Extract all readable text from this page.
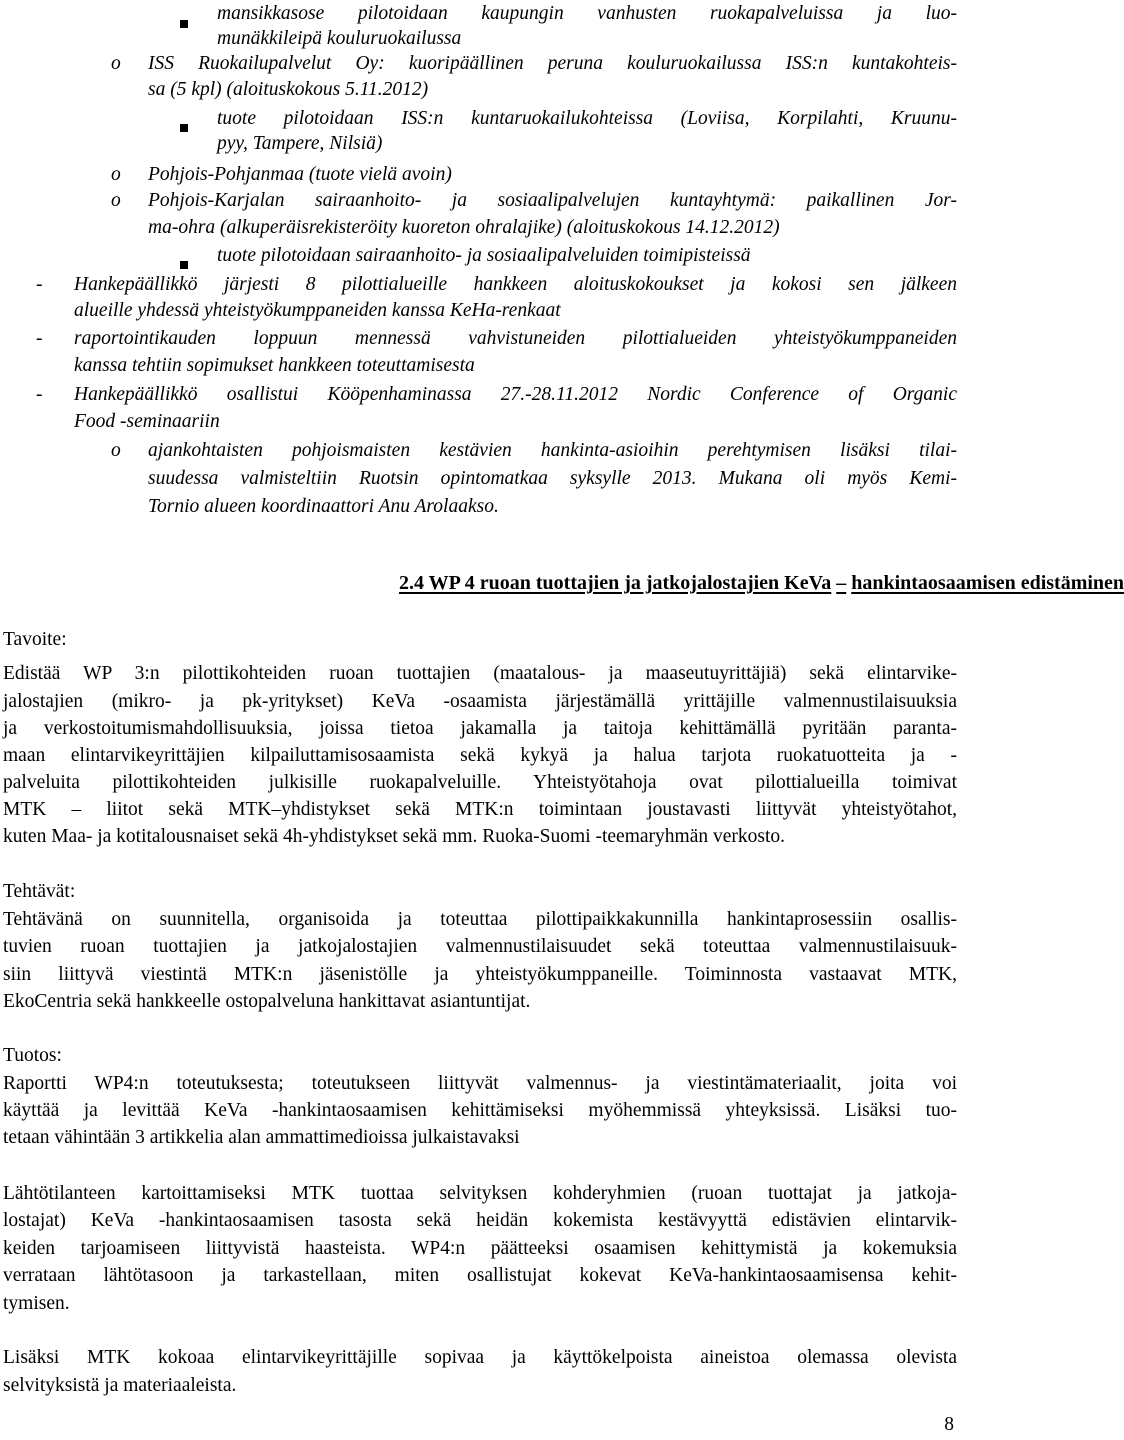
mansikkasose pilotoidaan kaupungin vanhusten ruokapalveluissa ja luo-
munäkkileipä kouluruokailussa
o ISS Ruokailupalvelut Oy: kuoripäällinen peruna kouluruokailussa ISS:n kuntakohteis-
sa (5 kpl) (aloituskokous 5.11.2012)
tuote pilotoidaan ISS:n kuntaruokailukohteissa (Loviisa, Korpilahti, Kruunu-
pyy, Tampere, Nilsiä)
o Pohjois-Pohjanmaa (tuote vielä avoin)
o Pohjois-Karjalan sairaanhoito- ja sosiaalipalvelujen kuntayhtymä: paikallinen Jor-
ma-ohra (alkuperäisrekisteröity kuoreton ohralajike) (aloituskokous 14.12.2012)
tuote pilotoidaan sairaanhoito- ja sosiaalipalveluiden toimipisteissä
- Hankepäällikkö järjesti 8 pilottialueille hankkeen aloituskokoukset ja kokosi sen jälkeen
alueille yhdessä yhteistyökumppaneiden kanssa KeHa-renkaat
- raportointikauden loppuun mennessä vahvistuneiden pilottialueiden yhteistyökumppaneiden
kanssa tehtiin sopimukset hankkeen toteuttamisesta
- Hankepäällikkö osallistui Kööpenhaminassa 27.-28.11.2012 Nordic Conference of Organic
Food -seminaariin
o ajankohtaisten pohjoismaisten kestävien hankinta-asioihin perehtymisen lisäksi tilai-
suudessa valmisteltiin Ruotsin opintomatkaa syksylle 2013. Mukana oli myös Kemi-
Tornio alueen koordinaattori Anu Arolaakso.
2.4 WP 4 ruoan tuottajien ja jatkojalostajien KeVa – hankintaosaamisen edistäminen
Tavoite:
Edistää WP 3:n pilottikohteiden ruoan tuottajien (maatalous- ja maaseutuyrittäjiä) sekä elintarvike-
jalostajien (mikro- ja pk-yritykset) KeVa -osaamista järjestämällä yrittäjille valmennustilaisuuksia
ja verkostoitumismahdollisuuksia, joissa tietoa jakamalla ja taitoja kehittämällä pyritään paranta-
maan elintarvikeyrittäjien kilpailuttamisosaamista sekä kykyä ja halua tarjota ruokatuotteita ja -
palveluita pilottikohteiden julkisille ruokapalveluille. Yhteistyötahoja ovat pilottialueilla toimivat
MTK – liitot sekä MTK–yhdistykset sekä MTK:n toimintaan joustavasti liittyvät yhteistyötahot,
kuten Maa- ja kotitalousnaiset sekä 4h-yhdistykset sekä mm. Ruoka-Suomi -teemaryhmän verkosto.
Tehtävät:
Tehtävänä on suunnitella, organisoida ja toteuttaa pilottipaikkakunnilla hankintaprosessiin osallis-
tuvien ruoan tuottajien ja jatkojalostajien valmennustilaisuudet sekä toteuttaa valmennustilaisuuk-
siin liittyvä viestintä MTK:n jäsenistölle ja yhteistyökumppaneille. Toiminnosta vastaavat MTK,
EkoCentria sekä hankkeelle ostopalveluna hankittavat asiantuntijat.
Tuotos:
Raportti WP4:n toteutuksesta; toteutukseen liittyvät valmennus- ja viestintämateriaalit, joita voi
käyttää ja levittää KeVa -hankintaosaamisen kehittämiseksi myöhemmissä yhteyksissä. Lisäksi tuo-
tetaan vähintään 3 artikkelia alan ammattimedioissa julkaistavaksi
Lähtötilanteen kartoittamiseksi MTK tuottaa selvityksen kohderyhmien (ruoan tuottajat ja jatkoja-
lostajat) KeVa -hankintaosaamisen tasosta sekä heidän kokemista kestävyyttä edistävien elintarvik-
keiden tarjoamiseen liittyvistä haasteista. WP4:n päätteeksi osaamisen kehittymistä ja kokemuksia
verrataan lähtötasoon ja tarkastellaan, miten osallistujat kokevat KeVa-hankintaosaamisensa kehit-
tymisen.
Lisäksi MTK kokoaa elintarvikeyrittäjille sopivaa ja käyttökelpoista aineistoa olemassa olevista
selvityksistä ja materiaaleista.
8
